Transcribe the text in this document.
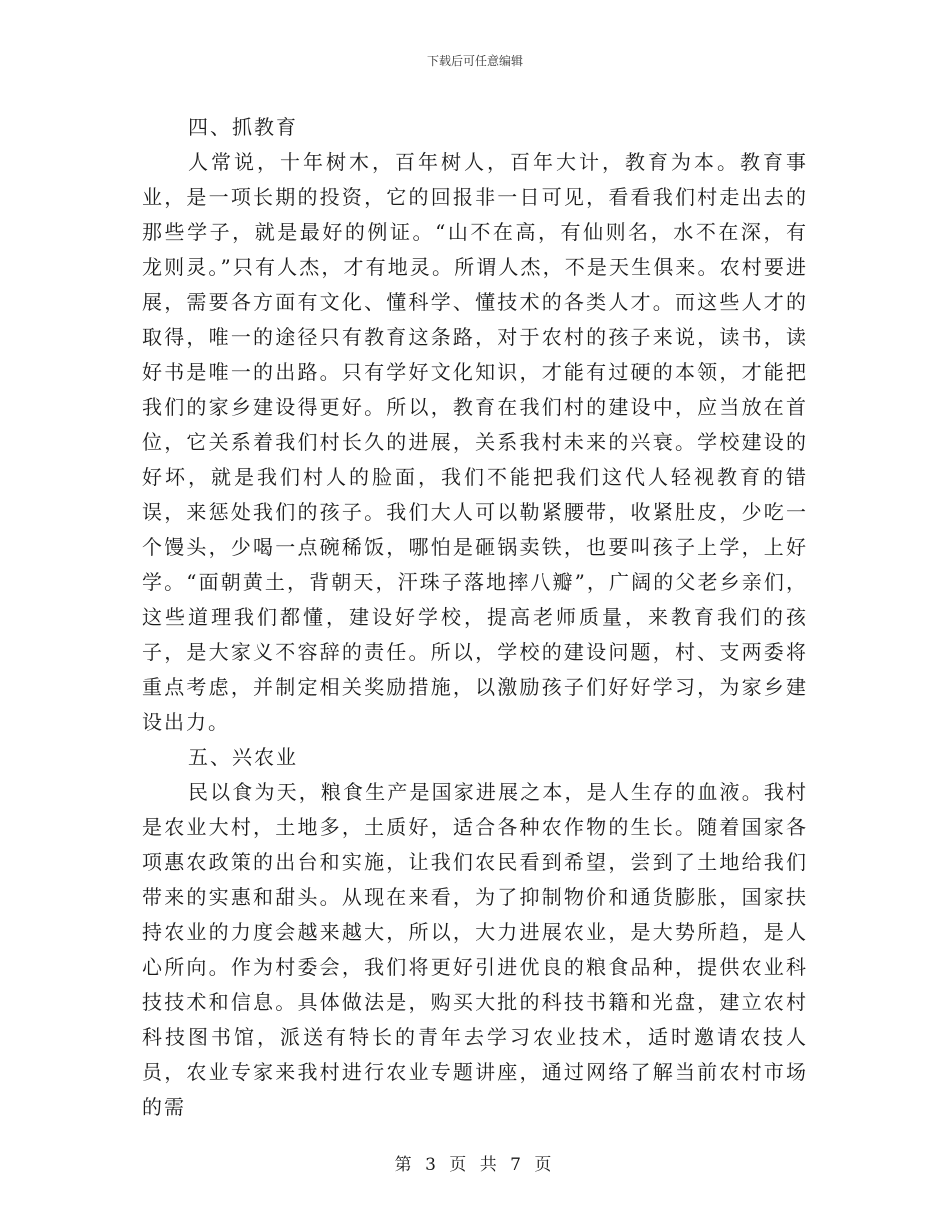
下载后可任意编辑

四、抓教育

人常说，十年树木，百年树人，百年大计，教育为本。教育事业，是一项长期的投资，它的回报非一日可见，看看我们村走出去的那些学子，就是最好的例证。“山不在高，有仙则名，水不在深，有龙则灵。”只有人杰，才有地灵。所谓人杰，不是天生俱来。农村要进展，需要各方面有文化、懂科学、懂技术的各类人才。而这些人才的取得，唯一的途径只有教育这条路，对于农村的孩子来说，读书，读好书是唯一的出路。只有学好文化知识，才能有过硬的本领，才能把我们的家乡建设得更好。所以，教育在我们村的建设中，应当放在首位，它关系着我们村长久的进展，关系我村未来的兴衰。学校建设的好坏，就是我们村人的脸面，我们不能把我们这代人轻视教育的错误，来惩处我们的孩子。我们大人可以勒紧腰带，收紧肚皮，少吃一个馒头，少喝一点碗稀饭，哪怕是砸锅卖铁，也要叫孩子上学，上好学。“面朝黄土，背朝天，汗珠子落地摔八瓣”，广阔的父老乡亲们，这些道理我们都懂，建设好学校，提高老师质量，来教育我们的孩子，是大家义不容辞的责任。所以，学校的建设问题，村、支两委将重点考虑，并制定相关奖励措施，以激励孩子们好好学习，为家乡建设出力。

五、兴农业

民以食为天，粮食生产是国家进展之本，是人生存的血液。我村是农业大村，土地多，土质好，适合各种农作物的生长。随着国家各项惠农政策的出台和实施，让我们农民看到希望，尝到了土地给我们带来的实惠和甜头。从现在来看，为了抑制物价和通货膨胀，国家扶持农业的力度会越来越大，所以，大力进展农业，是大势所趋，是人心所向。作为村委会，我们将更好引进优良的粮食品种，提供农业科技技术和信息。具体做法是，购买大批的科技书籍和光盘，建立农村科技图书馆，派送有特长的青年去学习农业技术，适时邀请农技人员，农业专家来我村进行农业专题讲座，通过网络了解当前农村市场的需

第 3 页 共 7 页
